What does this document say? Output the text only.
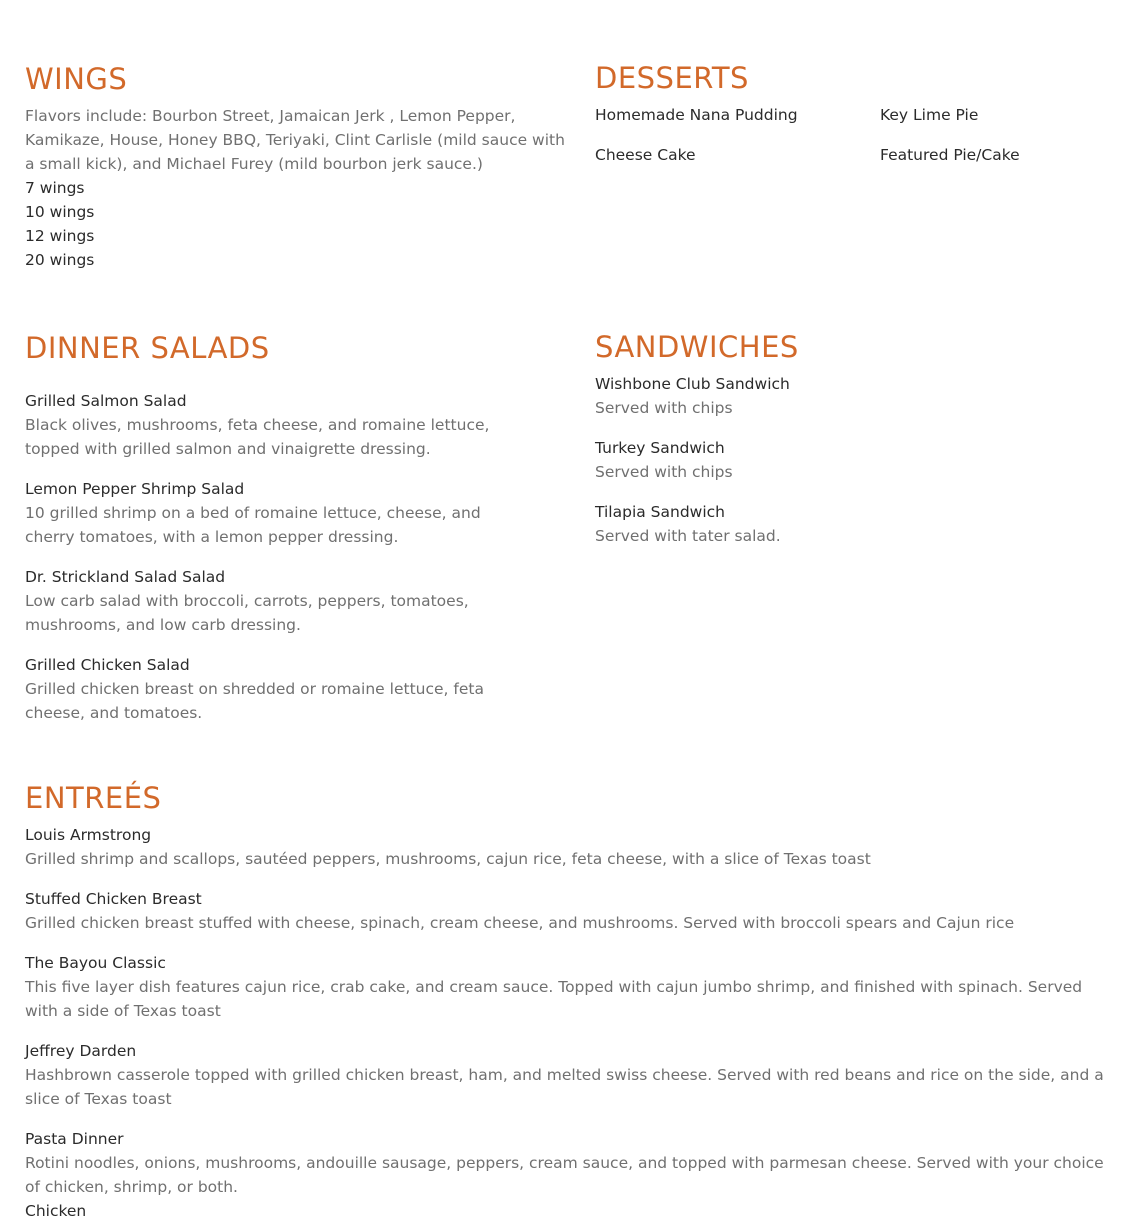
WINGS

Flavors include: Bourbon Street, Jamaican Jerk , Lemon Pepper, Kamikaze, House, Honey BBQ, Teriyaki, Clint Carlisle (mild sauce with a small kick), and Michael Furey (mild bourbon jerk sauce.)

7 wings

10 wings

12 wings

20 wings

DESSERTS

Homemade Nana Pudding	Key Lime Pie

Cheese Cake	Featured Pie/Cake

DINNER SALADS

Grilled Salmon Salad

Black olives, mushrooms, feta cheese, and romaine lettuce, topped with grilled salmon and vinaigrette dressing.

Lemon Pepper Shrimp Salad

10 grilled shrimp on a bed of romaine lettuce, cheese, and cherry tomatoes, with a lemon pepper dressing.

Dr. Strickland Salad Salad

Low carb salad with broccoli, carrots, peppers, tomatoes, mushrooms, and low carb dressing.

Grilled Chicken Salad

Grilled chicken breast on shredded or romaine lettuce, feta cheese, and tomatoes.

SANDWICHES

Wishbone Club Sandwich

Served with chips

Turkey Sandwich

Served with chips

Tilapia Sandwich

Served with tater salad.

ENTREÉS

Louis Armstrong

Grilled shrimp and scallops, sautéed peppers, mushrooms, cajun rice, feta cheese, with a slice of Texas toast

Stuffed Chicken Breast

Grilled chicken breast stuffed with cheese, spinach, cream cheese, and mushrooms. Served with broccoli spears and Cajun rice

The Bayou Classic

This five layer dish features cajun rice, crab cake, and cream sauce. Topped with cajun jumbo shrimp, and finished with spinach. Served with a side of Texas toast

Jeffrey Darden

Hashbrown casserole topped with grilled chicken breast, ham, and melted swiss cheese. Served with red beans and rice on the side, and a slice of Texas toast

Pasta Dinner

Rotini noodles, onions, mushrooms, andouille sausage, peppers, cream sauce, and topped with parmesan cheese. Served with your choice of chicken, shrimp, or both.

Chicken
